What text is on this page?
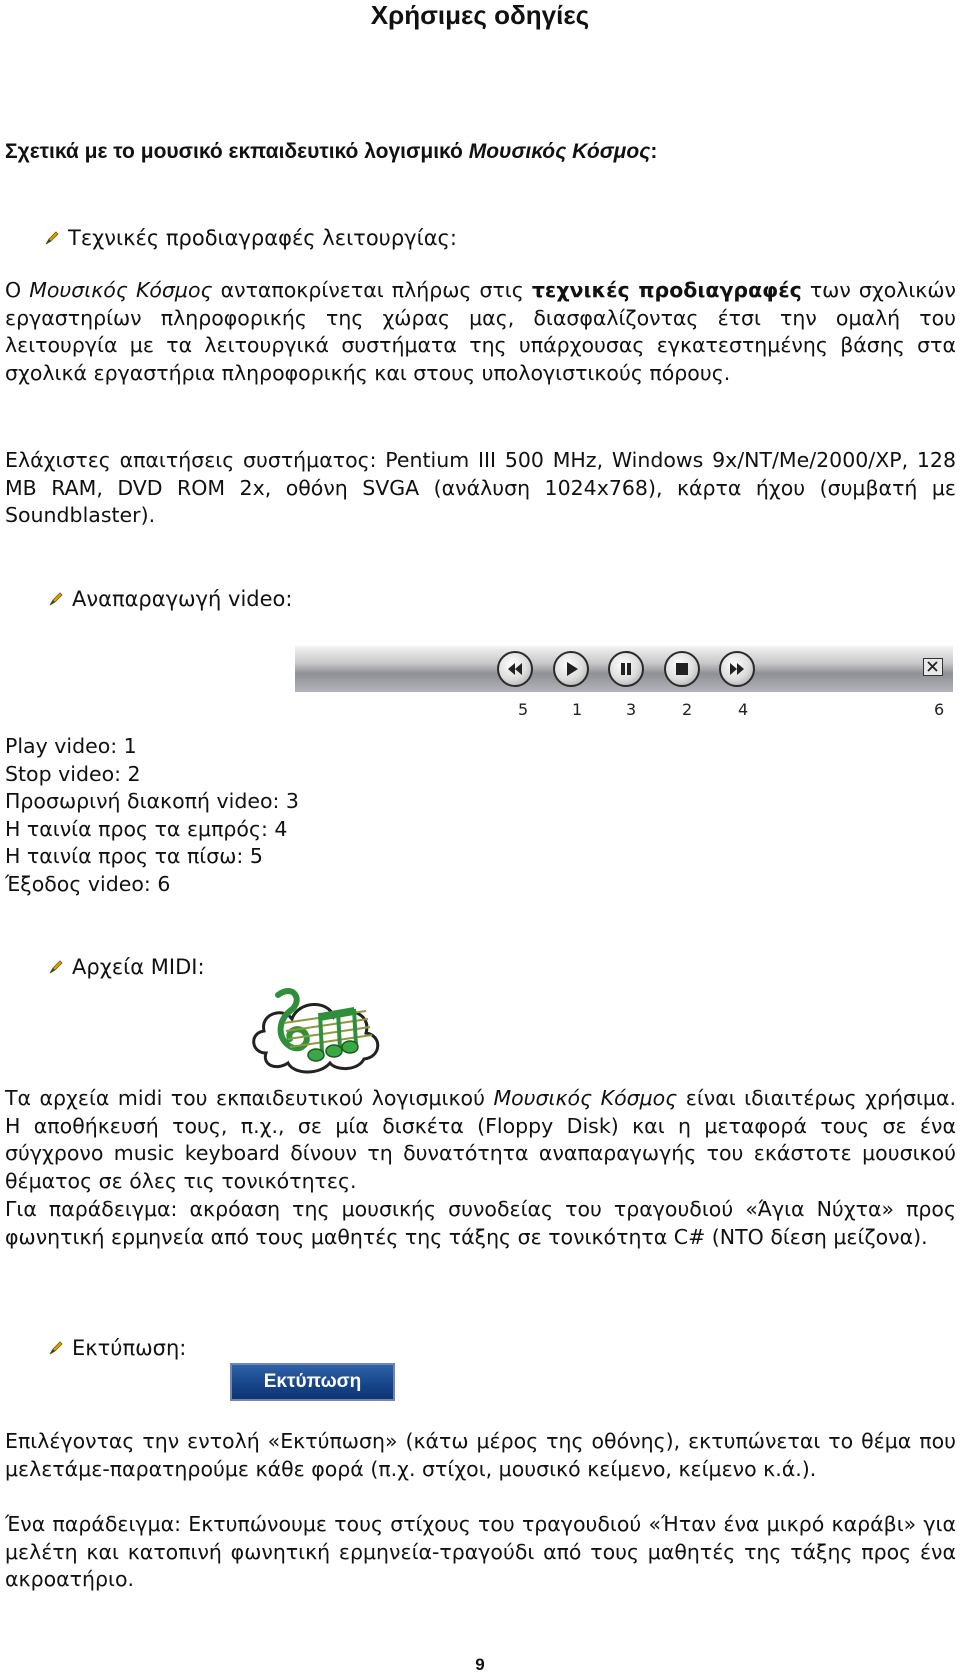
Χρήσιμες οδηγίες
Σχετικά με το μουσικό εκπαιδευτικό λογισμικό Μουσικός Κόσμος:
Τεχνικές προδιαγραφές λειτουργίας:

Ο Μουσικός Κόσμος ανταποκρίνεται πλήρως στις τεχνικές προδιαγραφές των σχολικών εργαστηρίων πληροφορικής της χώρας μας, διασφαλίζοντας έτσι την ομαλή του λειτουργία με τα λειτουργικά συστήματα της υπάρχουσας εγκατεστημένης βάσης στα σχολικά εργαστήρια πληροφορικής και στους υπολογιστικούς πόρους.

Ελάχιστες απαιτήσεις συστήματος: Pentium III 500 MHz, Windows 9x/NT/Me/2000/XP, 128 MB RAM, DVD ROM 2x, οθόνη SVGA (ανάλυση 1024x768), κάρτα ήχου (συμβατή με Soundblaster).

Αναπαραγωγή video:
5	1	3	2	4	6
Play video: 1
Stop video: 2
Προσωρινή διακοπή video: 3
Η ταινία προς τα εμπρός: 4
Η ταινία προς τα πίσω: 5
Έξοδος video: 6
Αρχεία MIDI:

Τα αρχεία midi του εκπαιδευτικού λογισμικού Μουσικός Κόσμος είναι ιδιαιτέρως χρήσιμα. Η αποθήκευσή τους, π.χ., σε μία δισκέτα (Floppy Disk) και η μεταφορά τους σε ένα σύγχρονο music keyboard δίνουν τη δυνατότητα αναπαραγωγής του εκάστοτε μουσικού θέματος σε όλες τις τονικότητες.

Για παράδειγμα: ακρόαση της μουσικής συνοδείας του τραγουδιού «Άγια Νύχτα» προς φωνητική ερμηνεία από τους μαθητές της τάξης σε τονικότητα C# (ΝΤΟ δίεση μείζονα).

Εκτύπωση:
Εκτύπωση

Επιλέγοντας την εντολή «Εκτύπωση» (κάτω μέρος της οθόνης), εκτυπώνεται το θέμα που μελετάμε-παρατηρούμε κάθε φορά (π.χ. στίχοι, μουσικό κείμενο, κείμενο κ.ά.).

Ένα παράδειγμα: Εκτυπώνουμε τους στίχους του τραγουδιού «Ήταν ένα μικρό καράβι» για μελέτη και κατοπινή φωνητική ερμηνεία-τραγούδι από τους μαθητές της τάξης προς ένα ακροατήριο.

9
